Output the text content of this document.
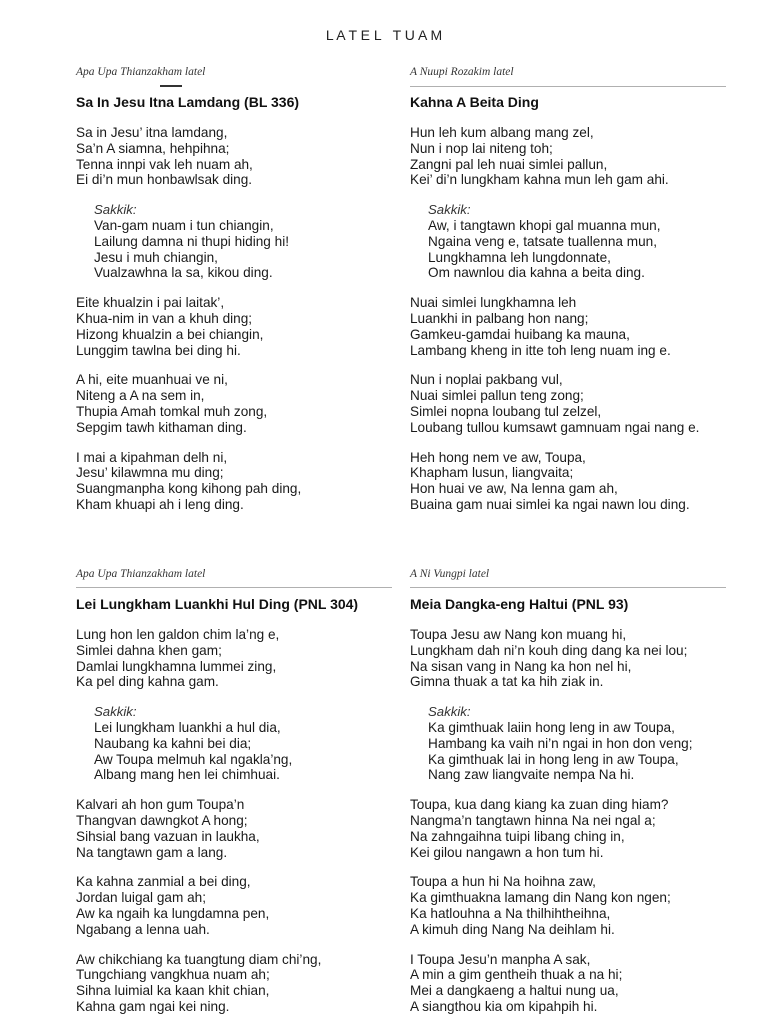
L A T E L   T U A M
Apa Upa Thianzakham latel
Sa In Jesu Itna Lamdang (BL 336)
Sa in Jesu’ itna lamdang,
Sa’n A siamna, hehpihna;
Tenna innpi vak leh nuam ah,
Ei di’n mun honbawlsak ding.
Sakkik:
Van-gam nuam i tun chiangin,
Lailung damna ni thupi hiding hi!
Jesu i muh chiangin,
Vualzawhna la sa, kikou ding.
Eite khualzin i pai laitak’,
Khua-nim in van a khuh ding;
Hizong khualzin a bei chiangin,
Lunggim tawlna bei ding hi.
A hi, eite muanhuai ve ni,
Niteng a A na sem in,
Thupia Amah tomkal muh zong,
Sepgim tawh kithaman ding.
I mai a kipahman delh ni,
Jesu’ kilawmna mu ding;
Suangmanpha kong kihong pah ding,
Kham khuapi ah i leng ding.
A Nuupi Rozakim latel
Kahna A Beita Ding
Hun leh kum albang mang zel,
Nun i nop lai niteng toh;
Zangni pal leh nuai simlei pallun,
Kei’ di’n lungkham kahna mun leh gam ahi.
Sakkik:
Aw, i tangtawn khopi gal muanna mun,
Ngaina veng e, tatsate tuallenna mun,
Lungkhamna leh lungdonnate,
Om nawnlou dia kahna a beita ding.
Nuai simlei lungkhamna leh
Luankhi in palbang hon nang;
Gamkeu-gamdai huibang ka mauna,
Lambang kheng in itte toh leng nuam ing e.
Nun i noplai pakbang vul,
Nuai simlei pallun teng zong;
Simlei nopna loubang tul zelzel,
Loubang tullou kumsawt gamnuam ngai nang e.
Heh hong nem ve aw, Toupa,
Khapham lusun, liangvaita;
Hon huai ve aw, Na lenna gam ah,
Buaina gam nuai simlei ka ngai nawn lou ding.
Apa Upa Thianzakham latel
Lei Lungkham Luankhi Hul Ding (PNL 304)
Lung hon len galdon chim la’ng e,
Simlei dahna khen gam;
Damlai lungkhamna lummei zing,
Ka pel ding kahna gam.
Sakkik:
Lei lungkham luankhi a hul dia,
Naubang ka kahni bei dia;
Aw Toupa melmuh kal ngakla’ng,
Albang mang hen lei chimhuai.
Kalvari ah hon gum Toupa’n
Thangvan dawngkot A hong;
Sihsial bang vazuan in laukha,
Na tangtawn gam a lang.
Ka kahna zanmial a bei ding,
Jordan luigal gam ah;
Aw ka ngaih ka lungdamna pen,
Ngabang a lenna uah.
Aw chikchiang ka tuangtung diam chi’ng,
Tungchiang vangkhua nuam ah;
Sihna luimial ka kaan khit chian,
Kahna gam ngai kei ning.
A Ni Vungpi latel
Meia Dangka-eng Haltui (PNL 93)
Toupa Jesu aw Nang kon muang hi,
Lungkham dah ni’n kouh ding dang ka nei lou;
Na sisan vang in Nang ka hon nel hi,
Gimna thuak a tat ka hih ziak in.
Sakkik:
Ka gimthuak laiin hong leng in aw Toupa,
Hambang ka vaih ni’n ngai in hon don veng;
Ka gimthuak lai in hong leng in aw Toupa,
Nang zaw liangvaite nempa Na hi.
Toupa, kua dang kiang ka zuan ding hiam?
Nangma’n tangtawn hinna Na nei ngal a;
Na zahngaihna tuipi libang ching in,
Kei gilou nangawn a hon tum hi.
Toupa a hun hi Na hoihna zaw,
Ka gimthuakna lamang din Nang kon ngen;
Ka hatlouhna a Na thilhihtheihna,
A kimuh ding Nang Na deihlam hi.
I Toupa Jesu’n manpha A sak,
A min a gim gentheih thuak a na hi;
Mei a dangkaeng a haltui nung ua,
A siangthou kia om kipahpih hi.
